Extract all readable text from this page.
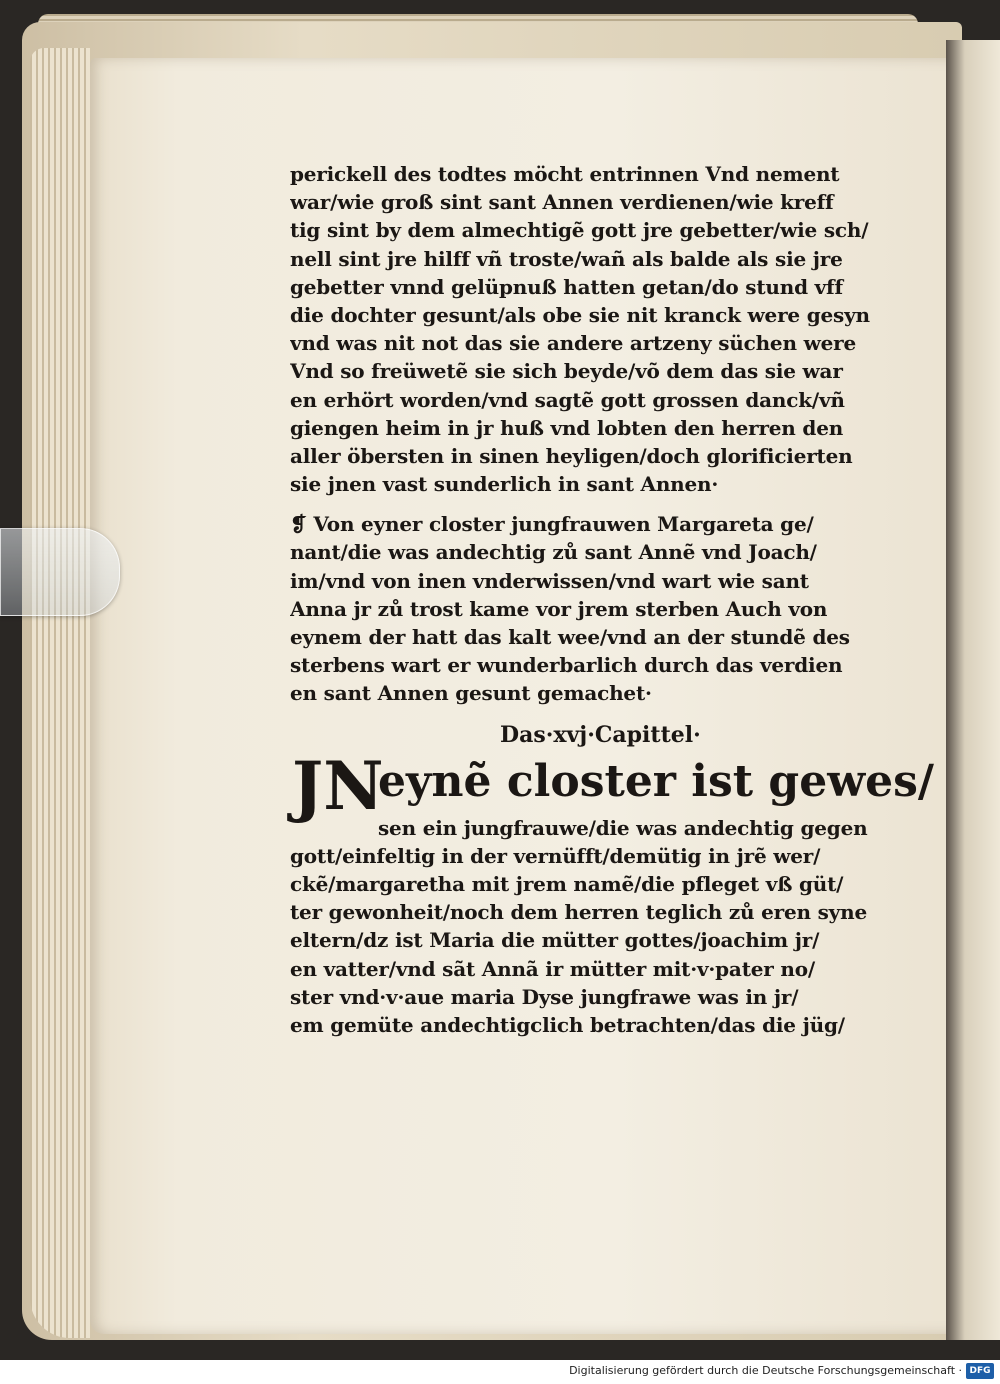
perickell des todtes möcht entrinnen Vnd nement
war/wie groß sint sant Annen verdienen/wie kreff
tig sint by dem almechtigẽ gott jre gebetter/wie sch/
nell sint jre hilff vñ troste/wañ als balde als sie jre
gebetter vnnd gelüpnuß hatten getan/do stund vff
die dochter gesunt/als obe sie nit kranck were gesyn
vnd was nit not das sie andere artzeny süchen were
Vnd so freüwetẽ sie sich beyde/võ dem das sie war
en erhört worden/vnd sagtẽ gott grossen danck/vñ
giengen heim in jr huß vnd lobten den herren den
aller öbersten in sinen heyligen/doch glorificierten
sie jnen vast sunderlich in sant Annen·
❡ Von eyner closter jungfrauwen Margareta ge/
nant/die was andechtig zů sant Annẽ vnd Joach/
im/vnd von inen vnderwissen/vnd wart wie sant
Anna jr zů trost kame vor jrem sterben Auch von
eynem der hatt das kalt wee/vnd an der stundẽ des
sterbens wart er wunderbarlich durch das verdien
en sant Annen gesunt gemachet·
Das·xvj·Capittel·
JN
eynẽ closter ist gewes/
sen ein jungfrauwe/die was andechtig gegen
gott/einfeltig in der vernüfft/demütig in jrẽ wer/
ckẽ/margaretha mit jrem namẽ/die pfleget vß güt/
ter gewonheit/noch dem herren teglich zů eren syne
eltern/dz ist Maria die mütter gottes/joachim jr/
en vatter/vnd sãt Annã ir mütter mit·v·pater no/
ster vnd·v·aue maria Dyse jungfrawe was in jr/
em gemüte andechtigclich betrachten/das die jüg/
Digitalisierung gefördert durch die Deutsche Forschungsgemeinschaft · DFG
